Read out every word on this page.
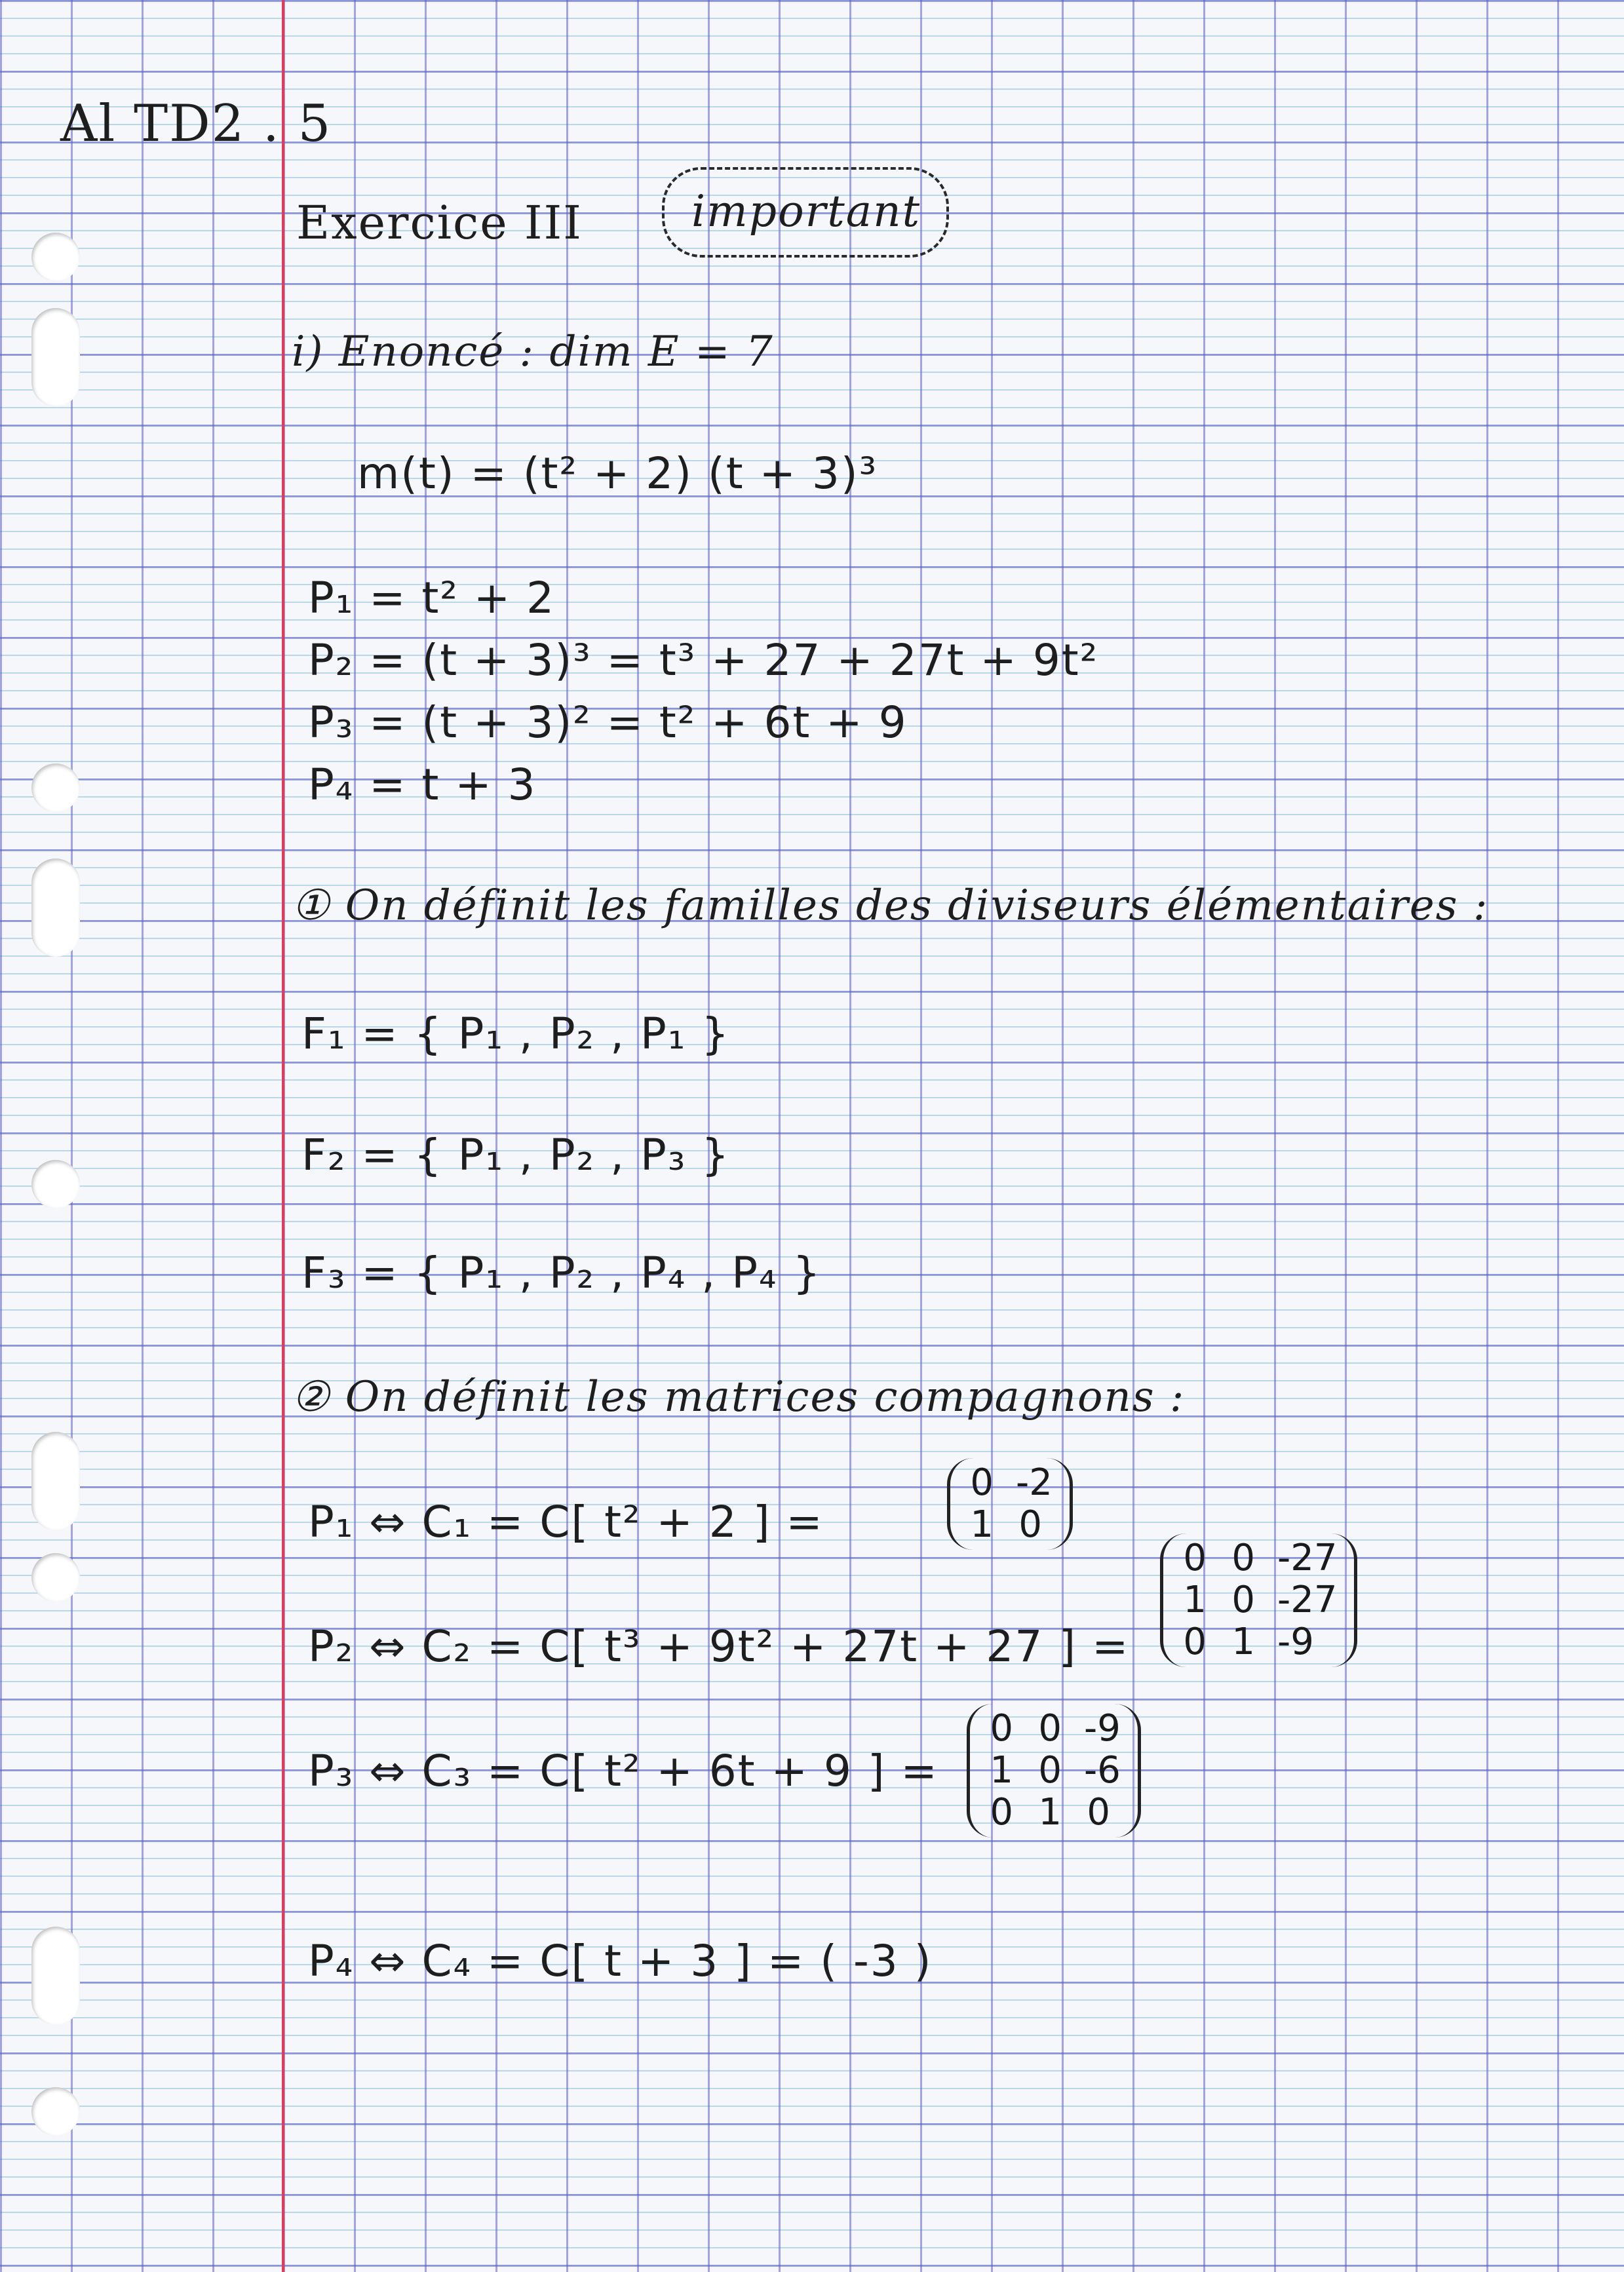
Al TD2 . 5
Exercice III	important
i) Enoncé : dim E = 7
m(t) = (t² + 2) (t + 3)³
P₁ = t² + 2
P₂ = (t + 3)³ = t³ + 27 + 27t + 9t²
P₃ = (t + 3)² = t² + 6t + 9
P₄ = t + 3
① On définit les familles des diviseurs élémentaires :
F₁ = { P₁ , P₂ , P₁ }
F₂ = { P₁ , P₂ , P₃ }
F₃ = { P₁ , P₂ , P₄ , P₄ }
② On définit les matrices compagnons :
P₁ ⇔ C₁ = C[ t² + 2 ] =
0 -2
1 0
P₂ ⇔ C₂ = C[ t³ + 9t² + 27t + 27 ] =
0 0 -27
1 0 -27
0 1 -9
P₃ ⇔ C₃ = C[ t² + 6t + 9 ] =
0 0 -9
1 0 -6
0 1 0
P₄ ⇔ C₄ = C[ t + 3 ] = ( -3 )
